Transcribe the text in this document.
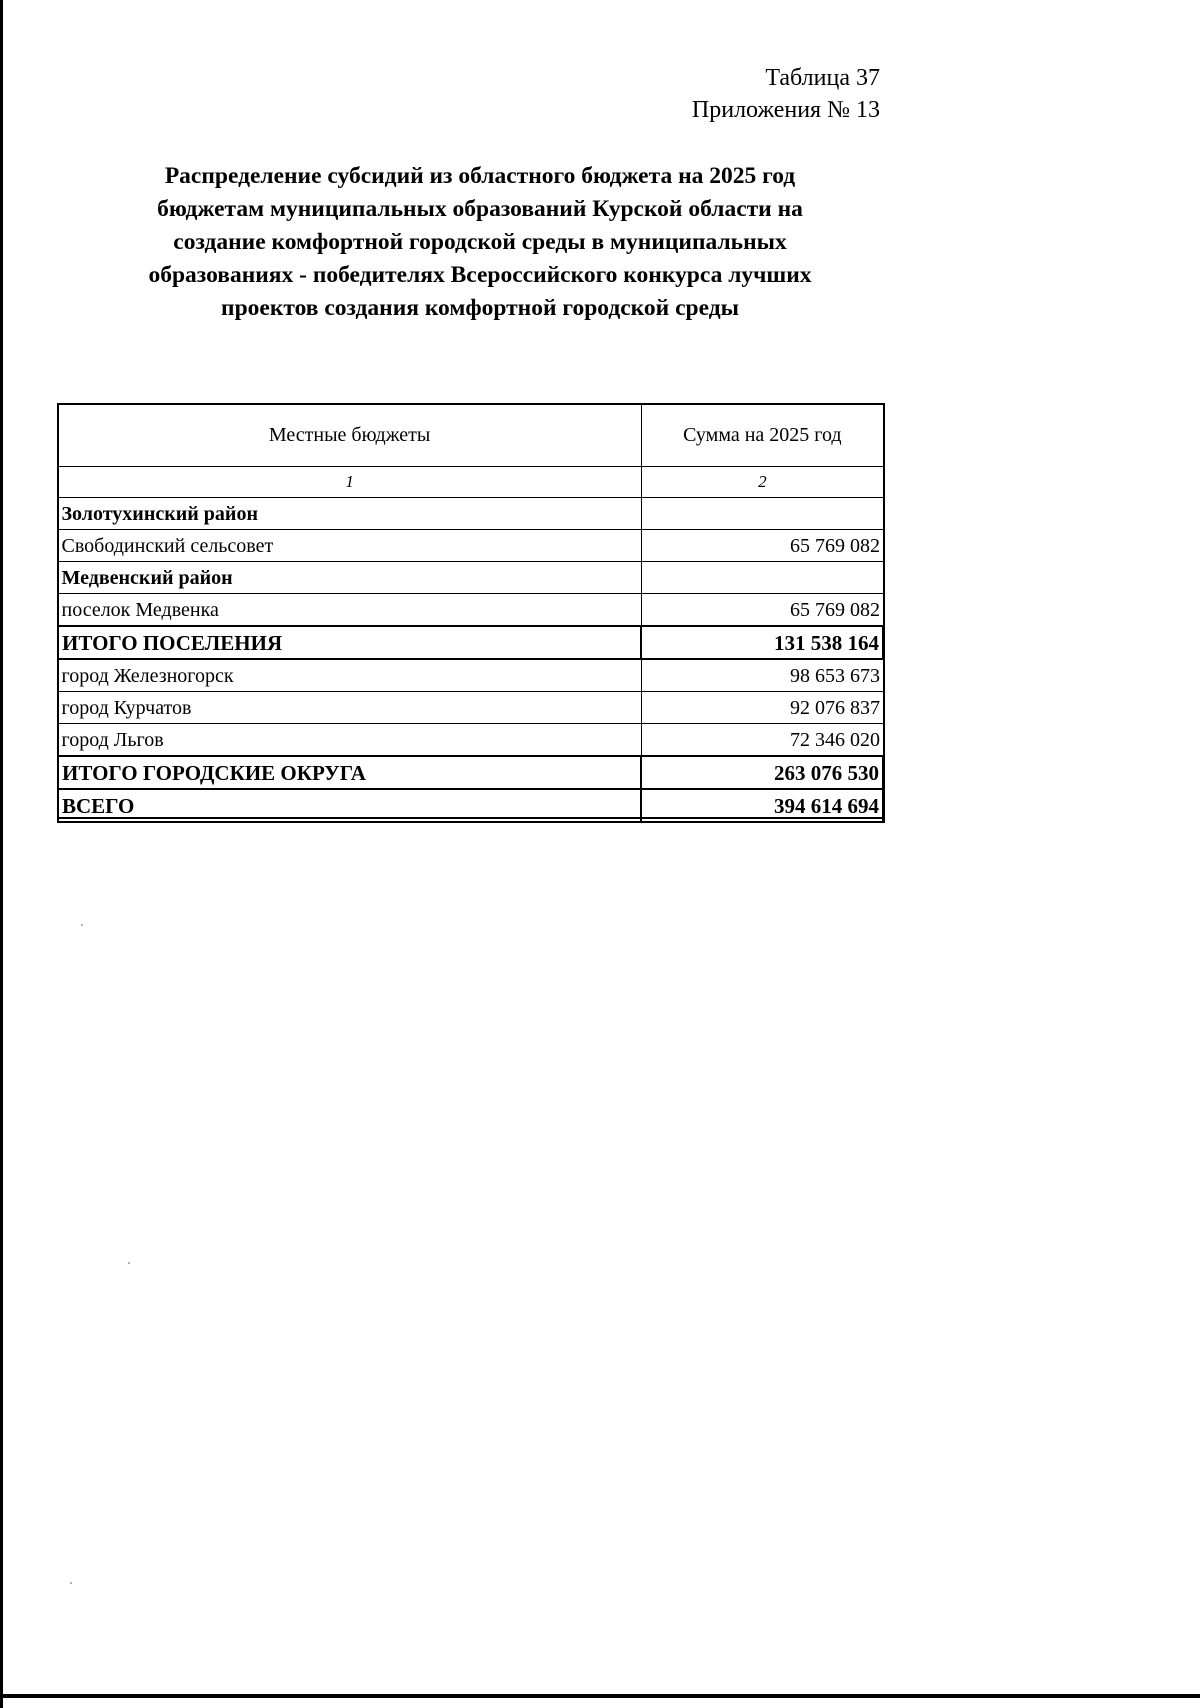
Таблица 37
Приложения № 13
Распределение субсидий из областного бюджета на 2025 год
бюджетам муниципальных образований Курской области на
создание комфортной городской среды в муниципальных
образованиях - победителях Всероссийского конкурса лучших
проектов создания комфортной городской среды
Местные бюджеты	Сумма на 2025 год
1	2
Золотухинский район	
Свободинский сельсовет	65 769 082
Медвенский район	
поселок Медвенка	65 769 082
ИТОГО ПОСЕЛЕНИЯ	131 538 164
город Железногорск	98 653 673
город Курчатов	92 076 837
город Льгов	72 346 020
ИТОГО ГОРОДСКИЕ ОКРУГА	263 076 530
ВСЕГО	394 614 694
